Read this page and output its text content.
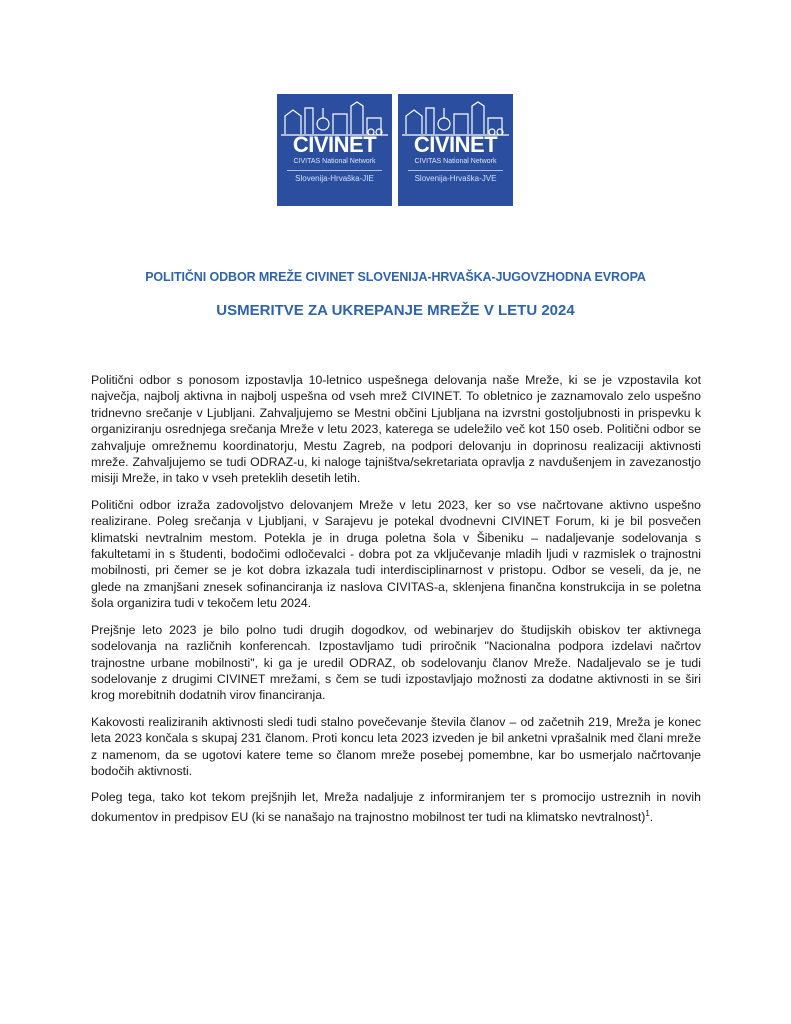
CIVINET
CIVITAS National Network
Slovenija-Hrvaška-JIE
CIVINET
CIVITAS National Network
Slovenija-Hrvaška-JVE
POLITIČNI ODBOR MREŽE CIVINET SLOVENIJA-HRVAŠKA-JUGOVZHODNA EVROPA
USMERITVE ZA UKREPANJE MREŽE V LETU 2024

Politični odbor s ponosom izpostavlja 10-letnico uspešnega delovanja naše Mreže, ki se je vzpostavila kot največja, najbolj aktivna in najbolj uspešna od vseh mrež CIVINET. To obletnico je zaznamovalo zelo uspešno tridnevno srečanje v Ljubljani. Zahvaljujemo se Mestni občini Ljubljana na izvrstni gostoljubnosti in prispevku k organiziranju osrednjega srečanja Mreže v letu 2023, katerega se udeležilo več kot 150 oseb. Politični odbor se zahvaljuje omrežnemu koordinatorju, Mestu Zagreb, na podpori delovanju in doprinosu realizaciji aktivnosti mreže. Zahvaljujemo se tudi ODRAZ-u, ki naloge tajništva/sekretariata opravlja z navdušenjem in zavezanostjo misiji Mreže, in tako v vseh preteklih desetih letih.

Politični odbor izraža zadovoljstvo delovanjem Mreže v letu 2023, ker so vse načrtovane aktivno uspešno realizirane. Poleg srečanja v Ljubljani, v Sarajevu je potekal dvodnevni CIVINET Forum, ki je bil posvečen klimatski nevtralnim mestom. Potekla je in druga poletna šola v Šibeniku – nadaljevanje sodelovanja s fakultetami in s študenti, bodočimi odločevalci - dobra pot za vključevanje mladih ljudi v razmislek o trajnostni mobilnosti, pri čemer se je kot dobra izkazala tudi interdisciplinarnost v pristopu. Odbor se veseli, da je, ne glede na zmanjšani znesek sofinanciranja iz naslova CIVITAS-a, sklenjena finančna konstrukcija in se poletna šola organizira tudi v tekočem letu 2024.

Prejšnje leto 2023 je bilo polno tudi drugih dogodkov, od webinarjev do študijskih obiskov ter aktivnega sodelovanja na različnih konferencah. Izpostavljamo tudi priročnik "Nacionalna podpora izdelavi načrtov trajnostne urbane mobilnosti", ki ga je uredil ODRAZ, ob sodelovanju članov Mreže. Nadaljevalo se je tudi sodelovanje z drugimi CIVINET mrežami, s čem se tudi izpostavljajo možnosti za dodatne aktivnosti in se širi krog morebitnih dodatnih virov financiranja.

Kakovosti realiziranih aktivnosti sledi tudi stalno povečevanje števila članov – od začetnih 219, Mreža je konec leta 2023 končala s skupaj 231 članom. Proti koncu leta 2023 izveden je bil anketni vprašalnik med člani mreže z namenom, da se ugotovi katere teme so članom mreže posebej pomembne, kar bo usmerjalo načrtovanje bodočih aktivnosti.

Poleg tega, tako kot tekom prejšnjih let, Mreža nadaljuje z informiranjem ter s promocijo ustreznih in novih dokumentov in predpisov EU (ki se nanašajo na trajnostno mobilnost ter tudi na klimatsko nevtralnost)$^1$.
